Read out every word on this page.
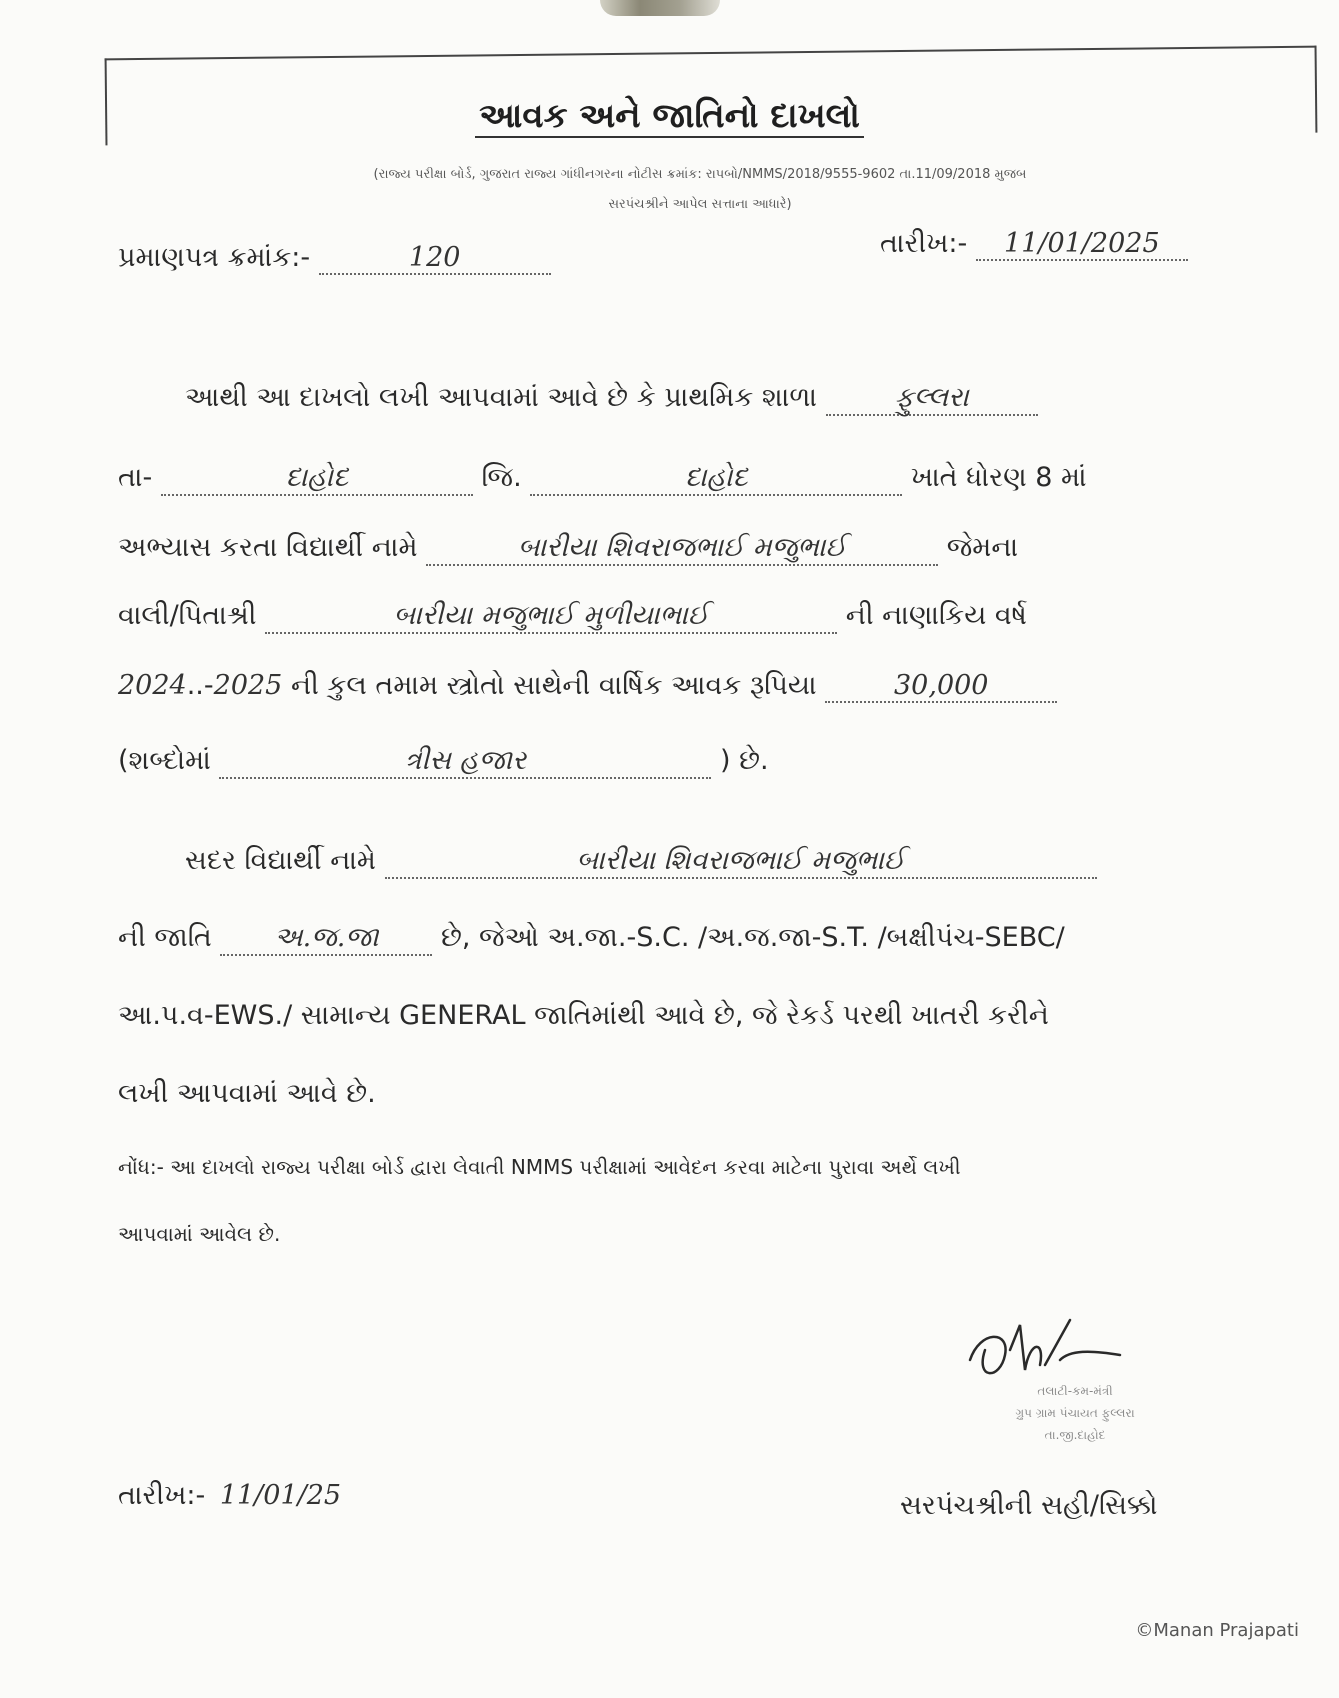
આવક અને જાતિનો દાખલો
(રાજ્ય પરીક્ષા બોર્ડ, ગુજરાત રાજ્ય ગાંધીનગરના નોટીસ ક્રમાંક: રાપબો/NMMS/2018/9555-9602 તા.11/09/2018 મુજબ
સરપંચશ્રીને આપેલ સત્તાના આધારે)
પ્રમાણપત્ર ક્રમાંક:-	120	તારીખ:- 11/01/2025
આથી આ દાખલો લખી આપવામાં આવે છે કે પ્રાથમિક શાળા	ફુલ્લરા
તા-	દાહોદ	જિ.	દાહોદ	ખાતે ધોરણ 8 માં
અભ્યાસ કરતા વિદ્યાર્થી નામે	બારીયા શિવરાજભાઈ મજુભાઈ	જેમના
વાલી/પિતાશ્રી	બારીયા મજુભાઈ મુળીયાભાઈ	ની નાણાકિય વર્ષ
2024..-2025 ની કુલ તમામ સ્ત્રોતો સાથેની વાર્ષિક આવક રૂપિયા	30,000
(શબ્દોમાં	ત્રીસ હજાર	) છે.
સદર વિદ્યાર્થી નામે	બારીયા શિવરાજભાઈ મજુભાઈ
ની જાતિ અ.જ.જા છે, જેઓ અ.જા.-S.C. /અ.જ.જા-S.T. /બક્ષીપંચ-SEBC/
આ.પ.વ-EWS./ સામાન્ય GENERAL જાતિમાંથી આવે છે, જે રેકર્ડ પરથી ખાતરી કરીને
લખી આપવામાં આવે છે.
નોંધ:- આ દાખલો રાજ્ય પરીક્ષા બોર્ડ દ્વારા લેવાતી NMMS પરીક્ષામાં આવેદન કરવા માટેના પુરાવા અર્થે લખી
આપવામાં આવેલ છે.
તલાટી-કમ-મંત્રી
ગ્રુપ ગ્રામ પંચાયત ફુલ્લરા
તા.જી.દાહોદ
તારીખ:- 11/01/25	સરપંચશ્રીની સહી/સિક્કો
©Manan Prajapati
